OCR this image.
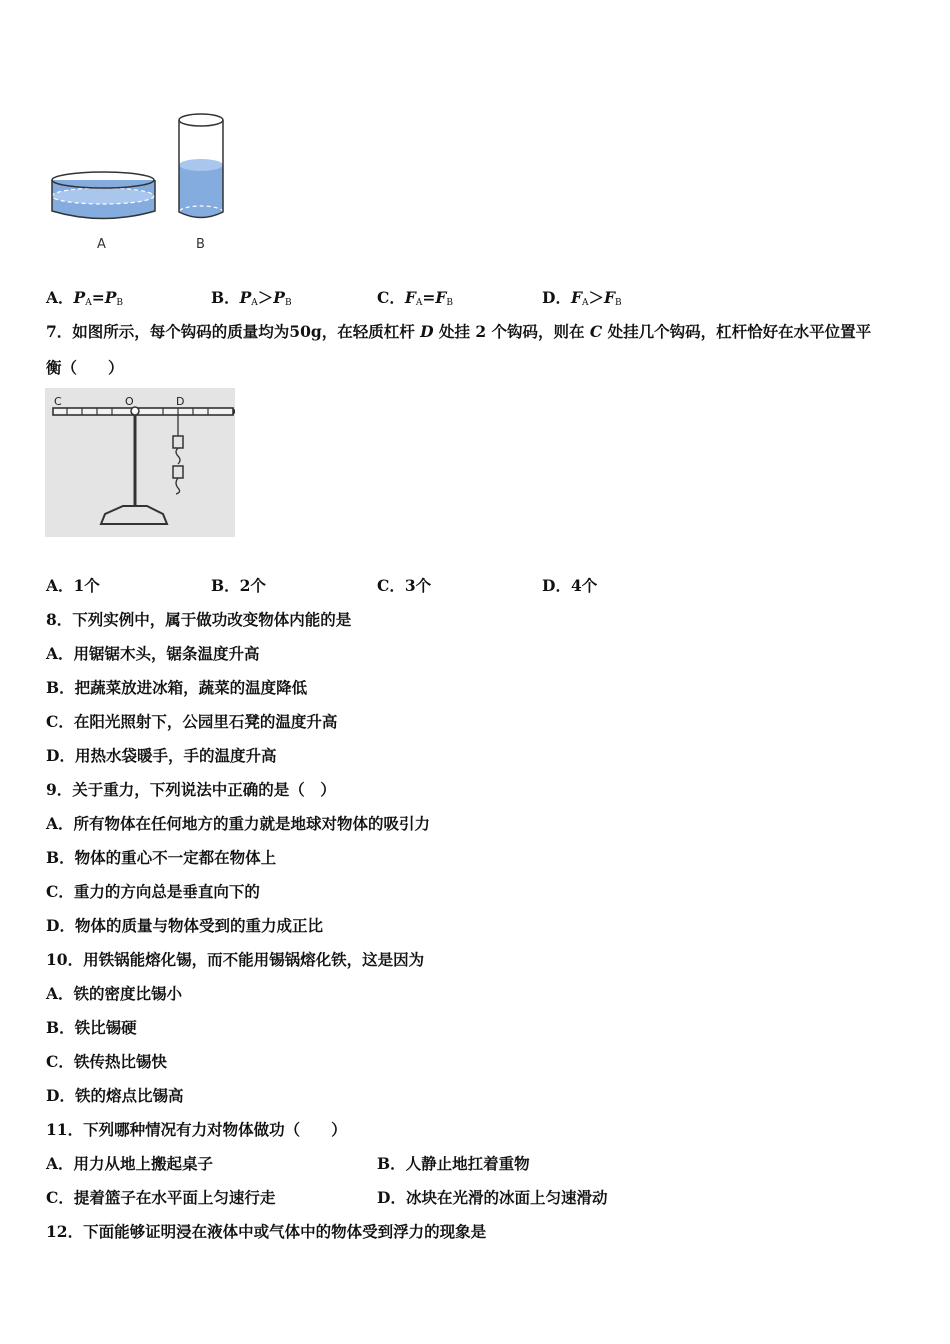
A	B
A．$P_A=P_B$	B．$P_A>P_B$	C．$F_A=F_B$	D．$F_A>F_B$
7．如图所示，每个钩码的质量均为50g，在轻质杠杆 D 处挂 2 个钩码，则在 C 处挂几个钩码，杠杆恰好在水平位置平
衡（　　）
C	O	D
A．1个	B．2个	C．3个	D．4个
8．下列实例中，属于做功改变物体内能的是
A．用锯锯木头，锯条温度升高
B．把蔬菜放进冰箱，蔬菜的温度降低
C．在阳光照射下，公园里石凳的温度升高
D．用热水袋暖手，手的温度升高
9．关于重力，下列说法中正确的是（　）
A．所有物体在任何地方的重力就是地球对物体的吸引力
B．物体的重心不一定都在物体上
C．重力的方向总是垂直向下的
D．物体的质量与物体受到的重力成正比
10．用铁锅能熔化锡，而不能用锡锅熔化铁，这是因为
A．铁的密度比锡小
B．铁比锡硬
C．铁传热比锡快
D．铁的熔点比锡高
11．下列哪种情况有力对物体做功（　　）
A．用力从地上搬起桌子	B．人静止地扛着重物
C．提着篮子在水平面上匀速行走	D．冰块在光滑的冰面上匀速滑动
12．下面能够证明浸在液体中或气体中的物体受到浮力的现象是
